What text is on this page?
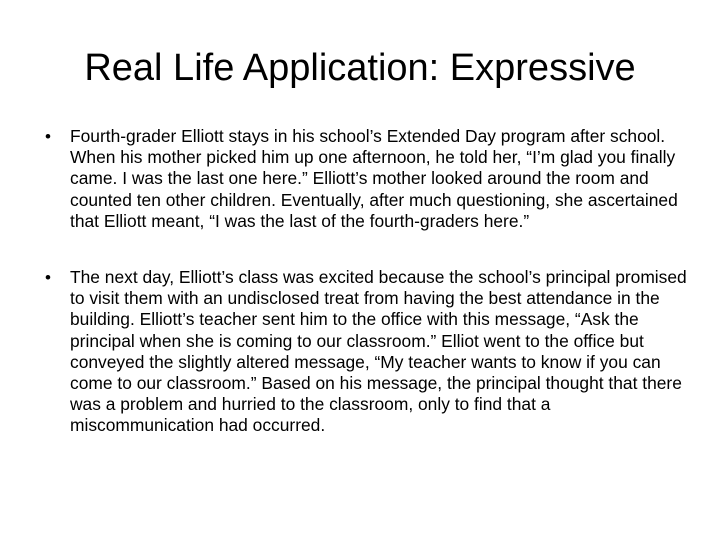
Real Life Application: Expressive
•	Fourth-grader Elliott stays in his school’s Extended Day program after school. When his mother picked him up one afternoon, he told her, “I’m glad you finally came. I was the last one here.” Elliott’s mother looked around the room and counted ten other children. Eventually, after much questioning, she ascertained that Elliott meant, “I was the last of the fourth-graders here.”
•	The next day, Elliott’s class was excited because the school’s principal promised to visit them with an undisclosed treat from having the best attendance in the building. Elliott’s teacher sent him to the office with this message, “Ask the principal when she is coming to our classroom.” Elliot went to the office but conveyed the slightly altered message, “My teacher wants to know if you can come to our classroom.” Based on his message, the principal thought that there was a problem and hurried to the classroom, only to find that a miscommunication had occurred.
